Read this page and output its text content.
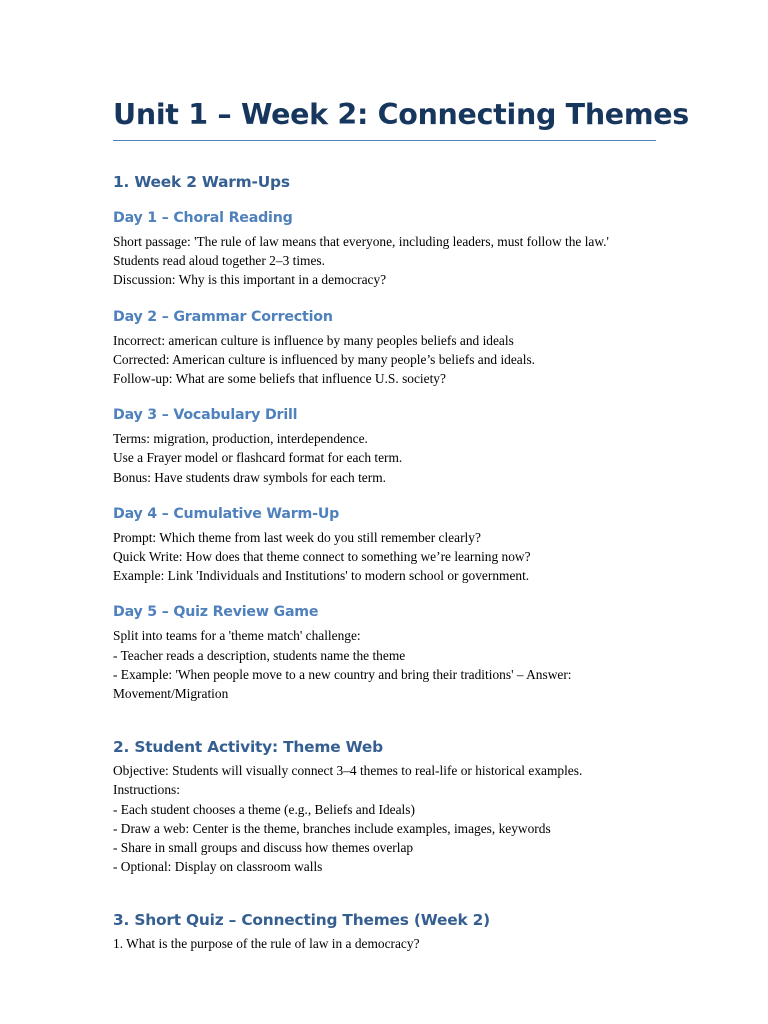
Unit 1 – Week 2: Connecting Themes
1. Week 2 Warm-Ups
Day 1 – Choral Reading
Short passage: 'The rule of law means that everyone, including leaders, must follow the law.'
Students read aloud together 2–3 times.
Discussion: Why is this important in a democracy?
Day 2 – Grammar Correction
Incorrect: american culture is influence by many peoples beliefs and ideals
Corrected: American culture is influenced by many people’s beliefs and ideals.
Follow-up: What are some beliefs that influence U.S. society?
Day 3 – Vocabulary Drill
Terms: migration, production, interdependence.
Use a Frayer model or flashcard format for each term.
Bonus: Have students draw symbols for each term.
Day 4 – Cumulative Warm-Up
Prompt: Which theme from last week do you still remember clearly?
Quick Write: How does that theme connect to something we’re learning now?
Example: Link 'Individuals and Institutions' to modern school or government.
Day 5 – Quiz Review Game
Split into teams for a 'theme match' challenge:
- Teacher reads a description, students name the theme
- Example: 'When people move to a new country and bring their traditions' – Answer:
Movement/Migration
2. Student Activity: Theme Web
Objective: Students will visually connect 3–4 themes to real-life or historical examples.
Instructions:
- Each student chooses a theme (e.g., Beliefs and Ideals)
- Draw a web: Center is the theme, branches include examples, images, keywords
- Share in small groups and discuss how themes overlap
- Optional: Display on classroom walls
3. Short Quiz – Connecting Themes (Week 2)
1. What is the purpose of the rule of law in a democracy?
